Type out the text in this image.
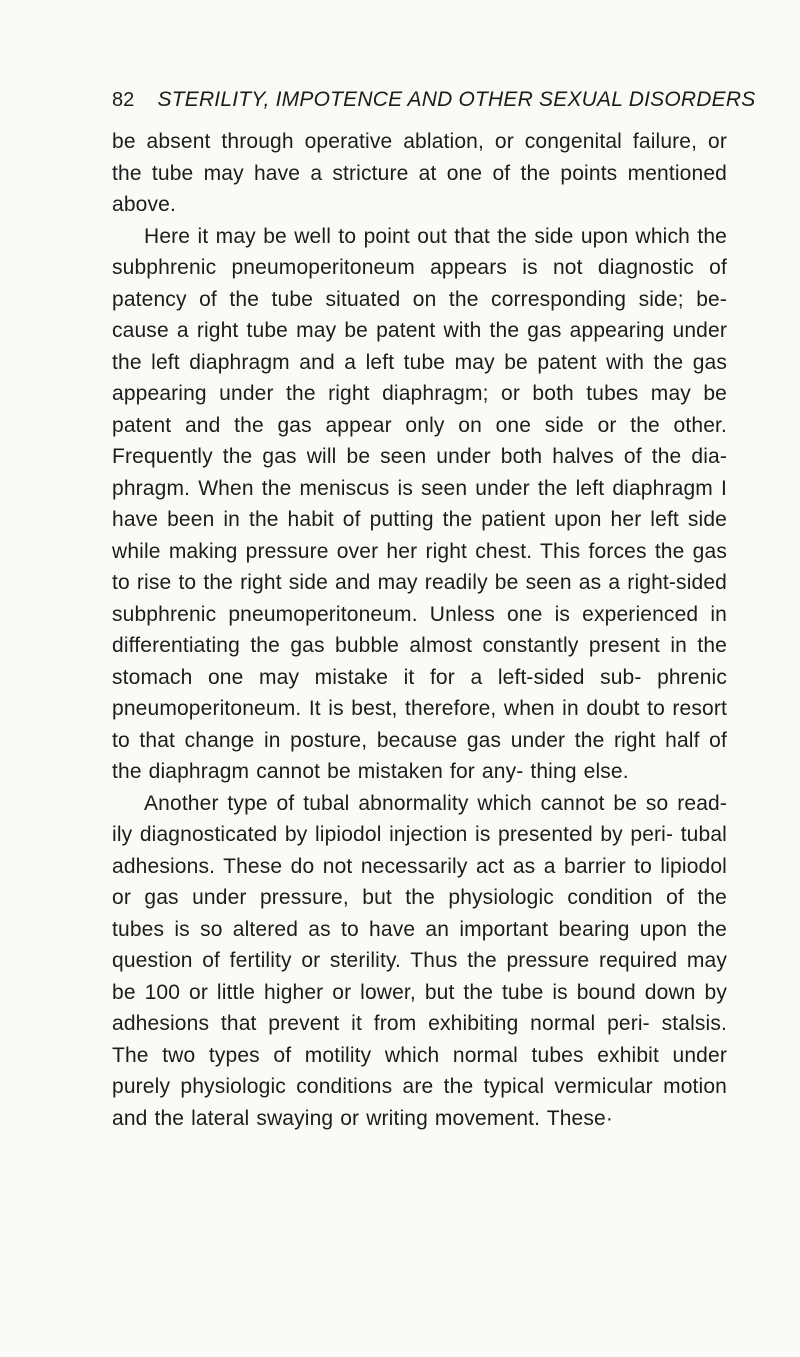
82 STERILITY, IMPOTENCE AND OTHER SEXUAL DISORDERS

be absent through operative ablation, or congenital failure, or the tube may have a stricture at one of the points mentioned above.

Here it may be well to point out that the side upon which the subphrenic pneumoperitoneum appears is not diagnostic of patency of the tube situated on the corresponding side; be- cause a right tube may be patent with the gas appearing under the left diaphragm and a left tube may be patent with the gas appearing under the right diaphragm; or both tubes may be patent and the gas appear only on one side or the other. Frequently the gas will be seen under both halves of the dia- phragm. When the meniscus is seen under the left diaphragm I have been in the habit of putting the patient upon her left side while making pressure over her right chest. This forces the gas to rise to the right side and may readily be seen as a right-sided subphrenic pneumoperitoneum. Unless one is experienced in differentiating the gas bubble almost constantly present in the stomach one may mistake it for a left-sided sub- phrenic pneumoperitoneum. It is best, therefore, when in doubt to resort to that change in posture, because gas under the right half of the diaphragm cannot be mistaken for any- thing else.

Another type of tubal abnormality which cannot be so read- ily diagnosticated by lipiodol injection is presented by peri- tubal adhesions. These do not necessarily act as a barrier to lipiodol or gas under pressure, but the physiologic condition of the tubes is so altered as to have an important bearing upon the question of fertility or sterility. Thus the pressure required may be 100 or little higher or lower, but the tube is bound down by adhesions that prevent it from exhibiting normal peri- stalsis. The two types of motility which normal tubes exhibit under purely physiologic conditions are the typical vermicular motion and the lateral swaying or writing movement. These·
